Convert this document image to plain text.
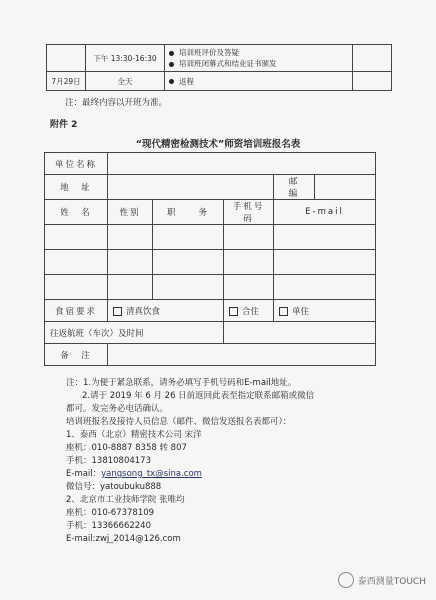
	下午 13:30-16:30	培训班评价及答疑
培训班闭幕式和结业证书颁发	

7月29日	全天	返程	

注：最终内容以开班为准。
附件 2
“现代精密检测技术”师资培训班报名表
单位名称					
地　址				邮　编	
姓　名	性别	职　　务	手机号码	E-mail	

食宿要求	清真饮食		合住	单住	
往返航班（车次）及时间					
备　注					
注：1.为便于紧急联系，请务必填写手机号码和E-mail地址。
2.请于 2019 年 6 月 26 日前返回此表至指定联系邮箱或微信
都可。发完务必电话确认。
培训班报名及接待人员信息（邮件、微信发送报名表都可）：
1、泰西（北京）精密技术公司 宋洋
座机：010-8887 8358 转 807
手机：13810804173
E-mail：yangsong_tx@sina.com
微信号：yatoubuku888
2、北京市工业技师学院 张唯均
座机：010-67378109
手机：13366662240
E-mail:zwj_2014@126.com
泰西测量TOUCH
